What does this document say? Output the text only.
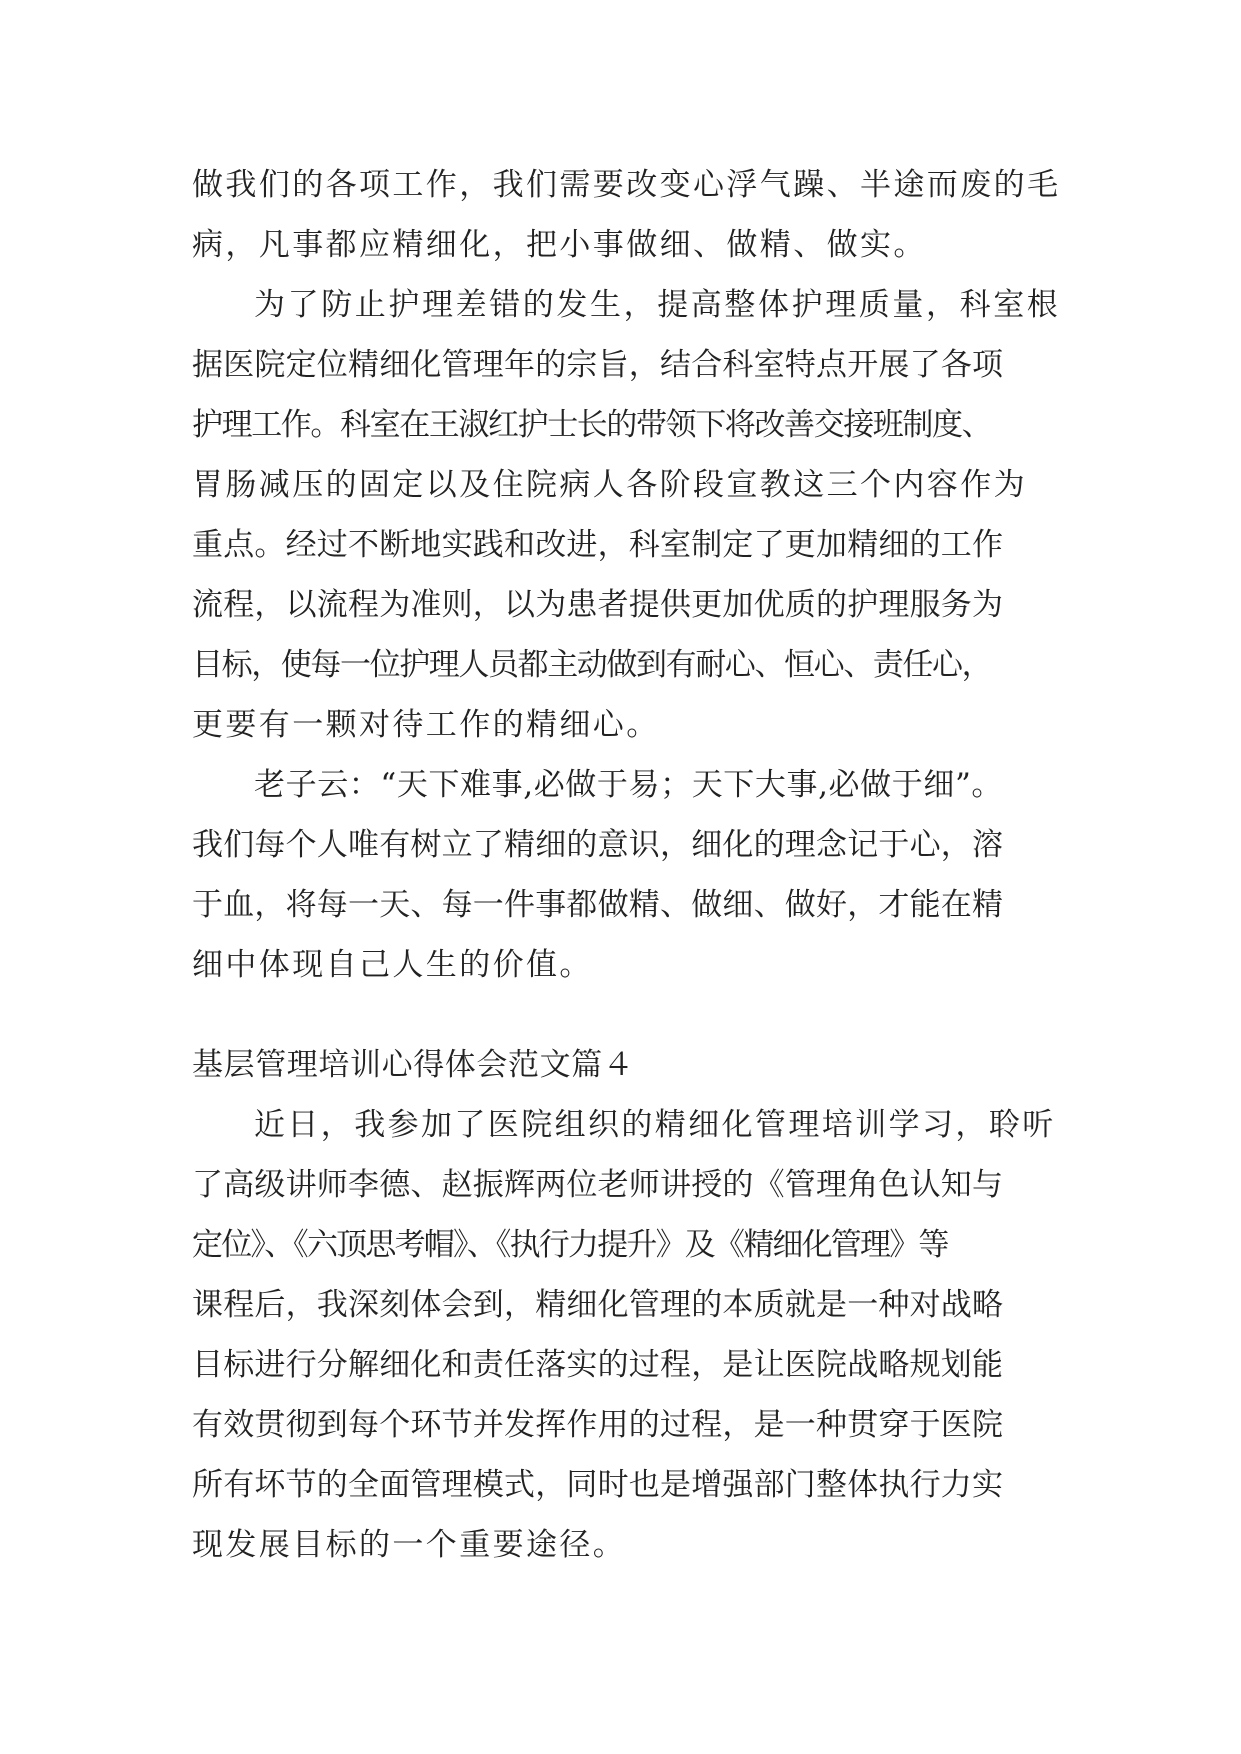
做我们的各项工作，我们需要改变心浮气躁、半途而废的毛
病，凡事都应精细化，把小事做细、做精、做实。
为了防止护理差错的发生，提高整体护理质量，科室根
据医院定位精细化管理年的宗旨，结合科室特点开展了各项
护理工作。科室在王淑红护士长的带领下将改善交接班制度、
胃肠减压的固定以及住院病人各阶段宣教这三个内容作为
重点。经过不断地实践和改进，科室制定了更加精细的工作
流程，以流程为准则，以为患者提供更加优质的护理服务为
目标，使每一位护理人员都主动做到有耐心、恒心、责任心，
更要有一颗对待工作的精细心。
老子云：“天下难事,必做于易；天下大事,必做于细”。
我们每个人唯有树立了精细的意识，细化的理念记于心，溶
于血，将每一天、每一件事都做精、做细、做好，才能在精
细中体现自己人生的价值。
基层管理培训心得体会范文篇４
近日，我参加了医院组织的精细化管理培训学习，聆听
了高级讲师李德、赵振辉两位老师讲授的《管理角色认知与
定位》、《六顶思考帽》、《执行力提升》及《精细化管理》等
课程后，我深刻体会到，精细化管理的本质就是一种对战略
目标进行分解细化和责任落实的过程，是让医院战略规划能
有效贯彻到每个环节并发挥作用的过程，是一种贯穿于医院
所有坏节的全面管理模式，同时也是增强部门整体执行力实
现发展目标的一个重要途径。
